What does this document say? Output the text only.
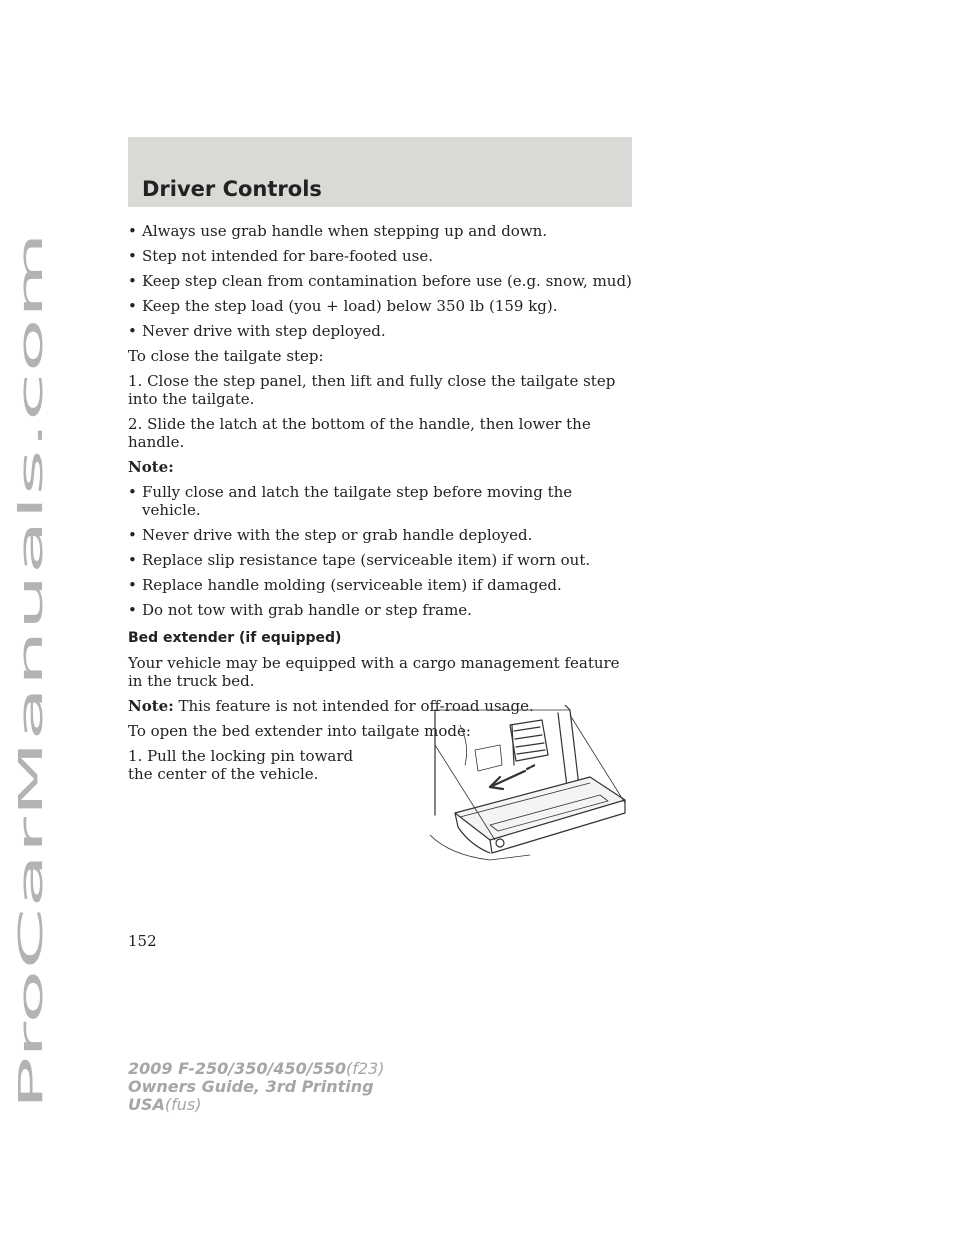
ProCarManuals.com
Driver Controls

• Always use grab handle when stepping up and down.

• Step not intended for bare-footed use.

• Keep step clean from contamination before use (e.g. snow, mud)

• Keep the step load (you + load) below 350 lb (159 kg).

• Never drive with step deployed.

To close the tailgate step:

1. Close the step panel, then lift and fully close the tailgate step into the tailgate.

2. Slide the latch at the bottom of the handle, then lower the handle.

Note:

• Fully close and latch the tailgate step before moving the vehicle.

• Never drive with the step or grab handle deployed.

• Replace slip resistance tape (serviceable item) if worn out.

• Replace handle molding (serviceable item) if damaged.

• Do not tow with grab handle or step frame.

Bed extender (if equipped)

Your vehicle may be equipped with a cargo management feature in the truck bed.

Note: This feature is not intended for off-road usage.

To open the bed extender into tailgate mode:

1. Pull the locking pin toward the center of the vehicle.

152
2009 F-250/350/450/550(f23)
Owners Guide, 3rd Printing
USA(fus)
